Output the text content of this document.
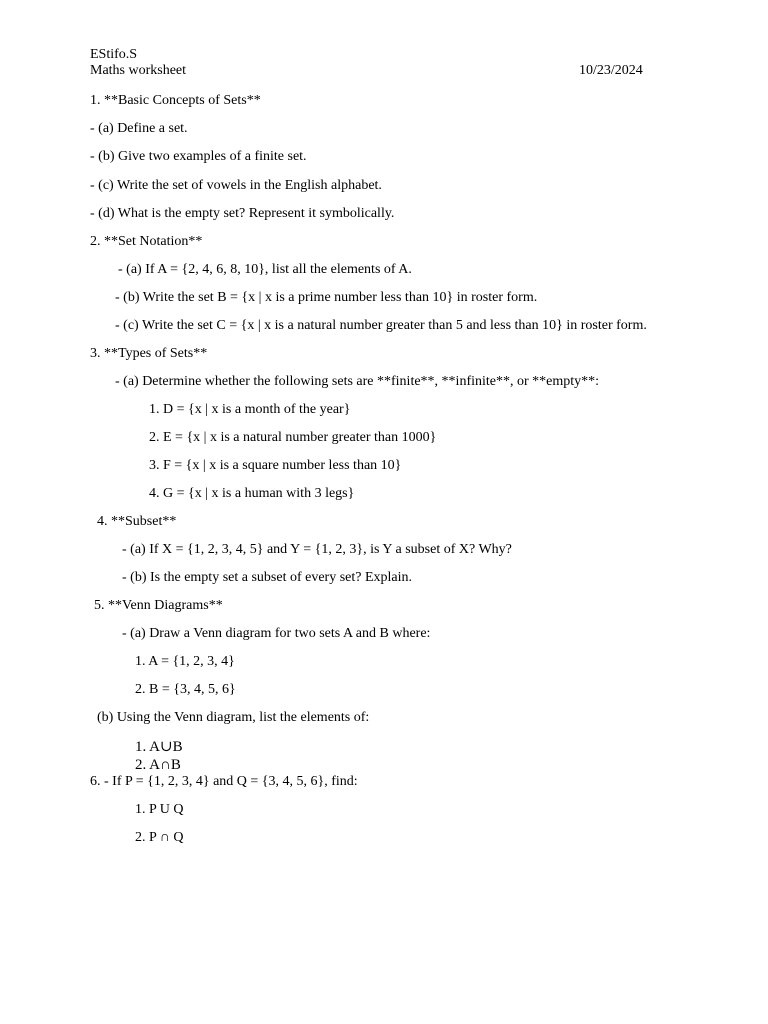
EStifo.S
Maths worksheet	10/23/2024
1. **Basic Concepts of Sets**
- (a) Define a set.
- (b) Give two examples of a finite set.
- (c) Write the set of vowels in the English alphabet.
- (d) What is the empty set? Represent it symbolically.
2. **Set Notation**
- (a) If A = {2, 4, 6, 8, 10}, list all the elements of A.
- (b) Write the set B = {x | x is a prime number less than 10} in roster form.
- (c) Write the set C = {x | x is a natural number greater than 5 and less than 10} in roster form.
3. **Types of Sets**
- (a) Determine whether the following sets are **finite**, **infinite**, or **empty**:
1. D = {x | x is a month of the year}
2. E = {x | x is a natural number greater than 1000}
3. F = {x | x is a square number less than 10}
4. G = {x | x is a human with 3 legs}
4. **Subset**
- (a) If X = {1, 2, 3, 4, 5} and Y = {1, 2, 3}, is Y a subset of X? Why?
- (b) Is the empty set a subset of every set? Explain.
5. **Venn Diagrams**
- (a) Draw a Venn diagram for two sets A and B where:
1. A = {1, 2, 3, 4}
2. B = {3, 4, 5, 6}
(b) Using the Venn diagram, list the elements of:
1. A∪B
2. A∩B
6. - If P = {1, 2, 3, 4} and Q = {3, 4, 5, 6}, find:
1. P U Q
2. P ∩ Q
